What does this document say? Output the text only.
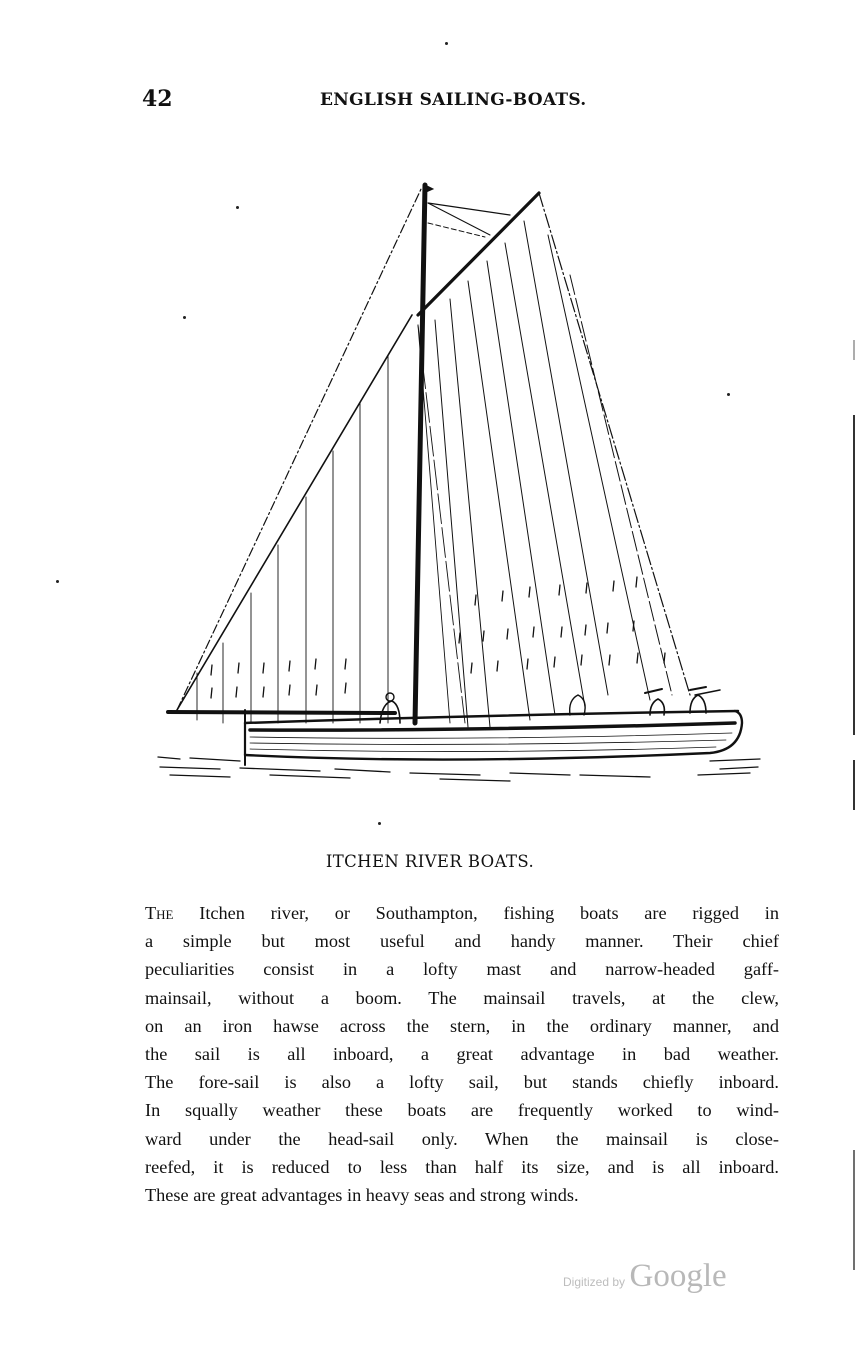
42	ENGLISH SAILING-BOATS.
ITCHEN RIVER BOATS.
The Itchen river, or Southampton, fishing boats are rigged in
a simple but most useful and handy manner. Their chief
peculiarities consist in a lofty mast and narrow-headed gaff-
mainsail, without a boom. The mainsail travels, at the clew,
on an iron hawse across the stern, in the ordinary manner, and
the sail is all inboard, a great advantage in bad weather.
The fore-sail is also a lofty sail, but stands chiefly inboard.
In squally weather these boats are frequently worked to wind-
ward under the head-sail only. When the mainsail is close-
reefed, it is reduced to less than half its size, and is all inboard.
These are great advantages in heavy seas and strong winds.
Digitized by Google
